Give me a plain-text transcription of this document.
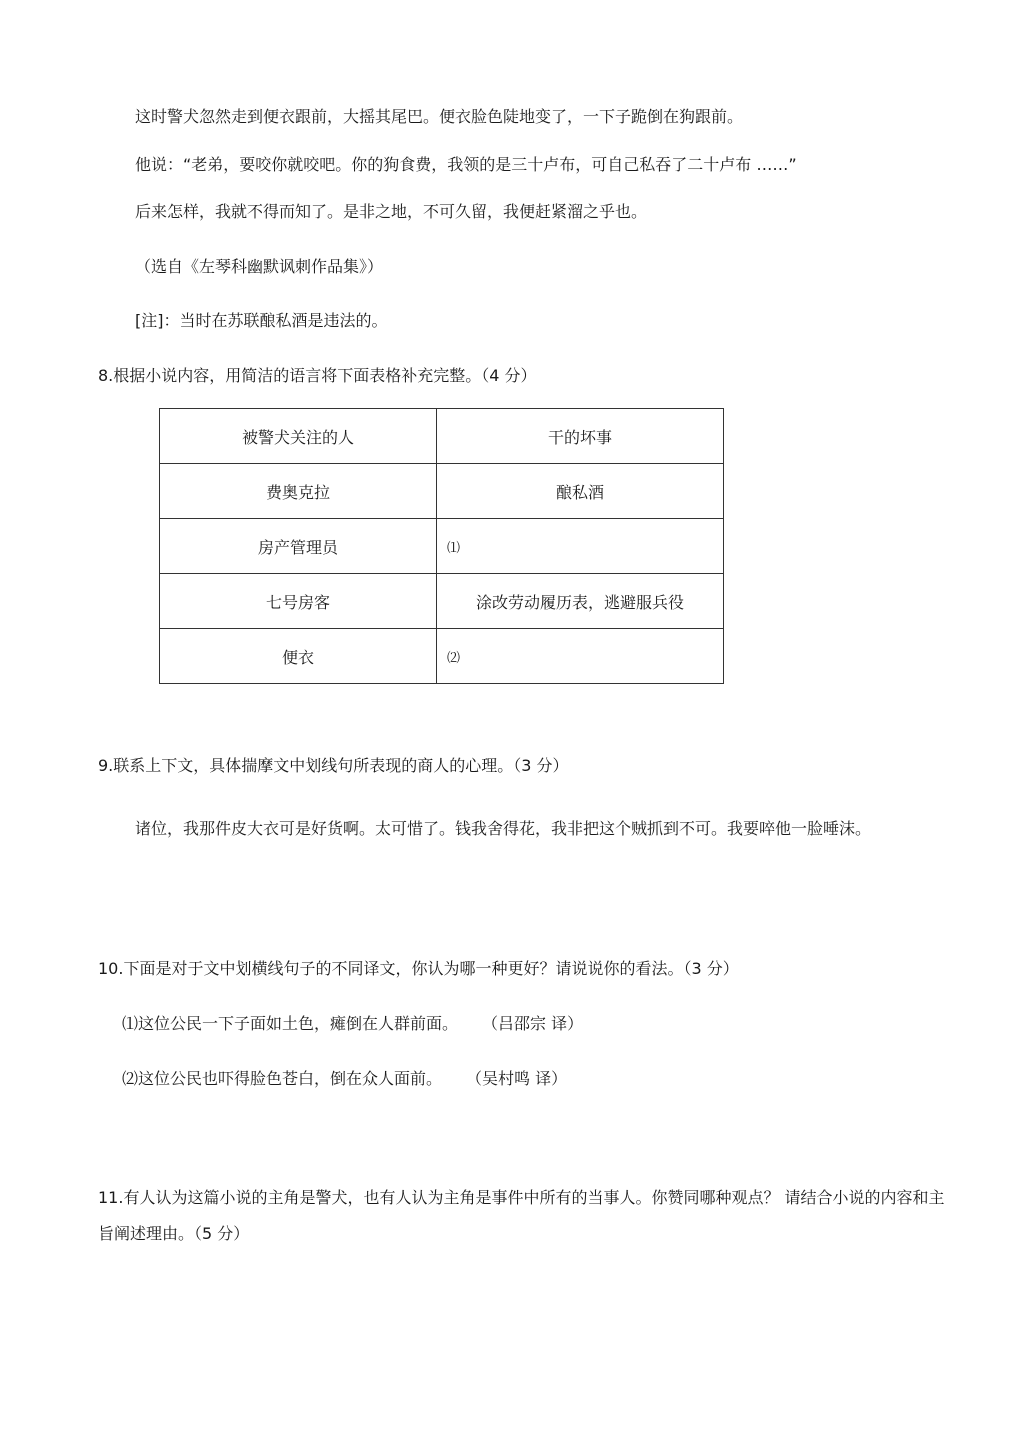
这时警犬忽然走到便衣跟前，大摇其尾巴。便衣脸色陡地变了，一下子跪倒在狗跟前。
他说：“老弟，要咬你就咬吧。你的狗食费，我领的是三十卢布，可自己私吞了二十卢布 ……”
后来怎样，我就不得而知了。是非之地，不可久留，我便赶紧溜之乎也。
（选自《左琴科幽默讽刺作品集》）
[注]：当时在苏联酿私酒是违法的。
8.根据小说内容，用简洁的语言将下面表格补充完整。（4 分）
被警犬关注的人	干的坏事
费奥克拉	酿私酒
房产管理员	⑴
七号房客	涂改劳动履历表，逃避服兵役
便衣	⑵
9.联系上下文，具体揣摩文中划线句所表现的商人的心理。（3 分）
诸位，我那件皮大衣可是好货啊。太可惜了。钱我舍得花，我非把这个贼抓到不可。我要啐他一脸唾沫。
10.下面是对于文中划横线句子的不同译文，你认为哪一种更好？请说说你的看法。（3 分）
⑴这位公民一下子面如土色，瘫倒在人群前面。 （吕邵宗 译）
⑵这位公民也吓得脸色苍白，倒在众人面前。 （吴村鸣 译）
11.有人认为这篇小说的主角是警犬，也有人认为主角是事件中所有的当事人。你赞同哪种观点？ 请结合小说的内容和主旨阐述理由。（5 分）
